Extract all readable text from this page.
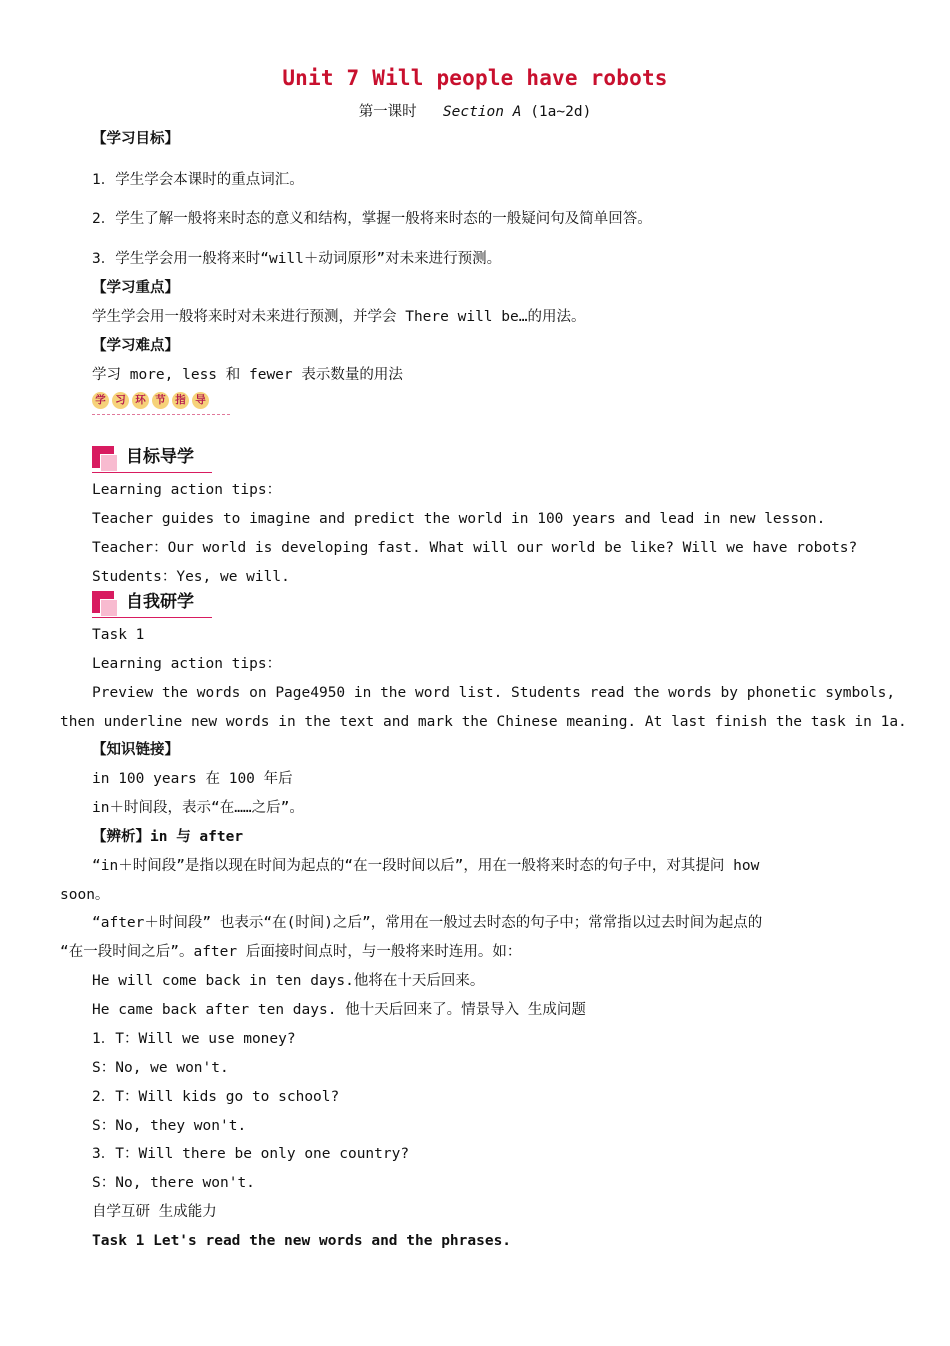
Unit 7 Will people have robots
第一课时 Section A (1a~2d)
【学习目标】
1．学生学会本课时的重点词汇。
2．学生了解一般将来时态的意义和结构，掌握一般将来时态的一般疑问句及简单回答。
3．学生学会用一般将来时“will＋动词原形”对未来进行预测。
【学习重点】
学生学会用一般将来时对未来进行预测，并学会 There will be…的用法。
【学习难点】
学习 more, less 和 fewer 表示数量的用法
学 习 环 节 指 导
目标导学
Learning action tips：
Teacher guides to imagine and predict the world in 100 years and lead in new lesson.
Teacher：Our world is developing fast. What will our world be like? Will we have robots?
Students：Yes, we will.
自我研学
Task 1
Learning action tips：
Preview the words on Page4950 in the word list. Students read the words by phonetic symbols,
then underline new words in the text and mark the Chinese meaning. At last finish the task in 1a.
【知识链接】
in 100 years 在 100 年后
in＋时间段，表示“在……之后”。
【辨析】in 与 after
“in＋时间段”是指以现在时间为起点的“在一段时间以后”，用在一般将来时态的句子中，对其提问 how
soon。
“after＋时间段” 也表示“在(时间)之后”，常用在一般过去时态的句子中；常常指以过去时间为起点的
“在一段时间之后”。after 后面接时间点时，与一般将来时连用。如：
He will come back in ten days.他将在十天后回来。
He came back after ten days. 他十天后回来了。情景导入 生成问题
1．T：Will we use money?
S：No, we won't.
2．T：Will kids go to school?
S：No, they won't.
3．T：Will there be only one country?
S：No, there won't.
自学互研 生成能力
Task 1 Let's read the new words and the phrases.
